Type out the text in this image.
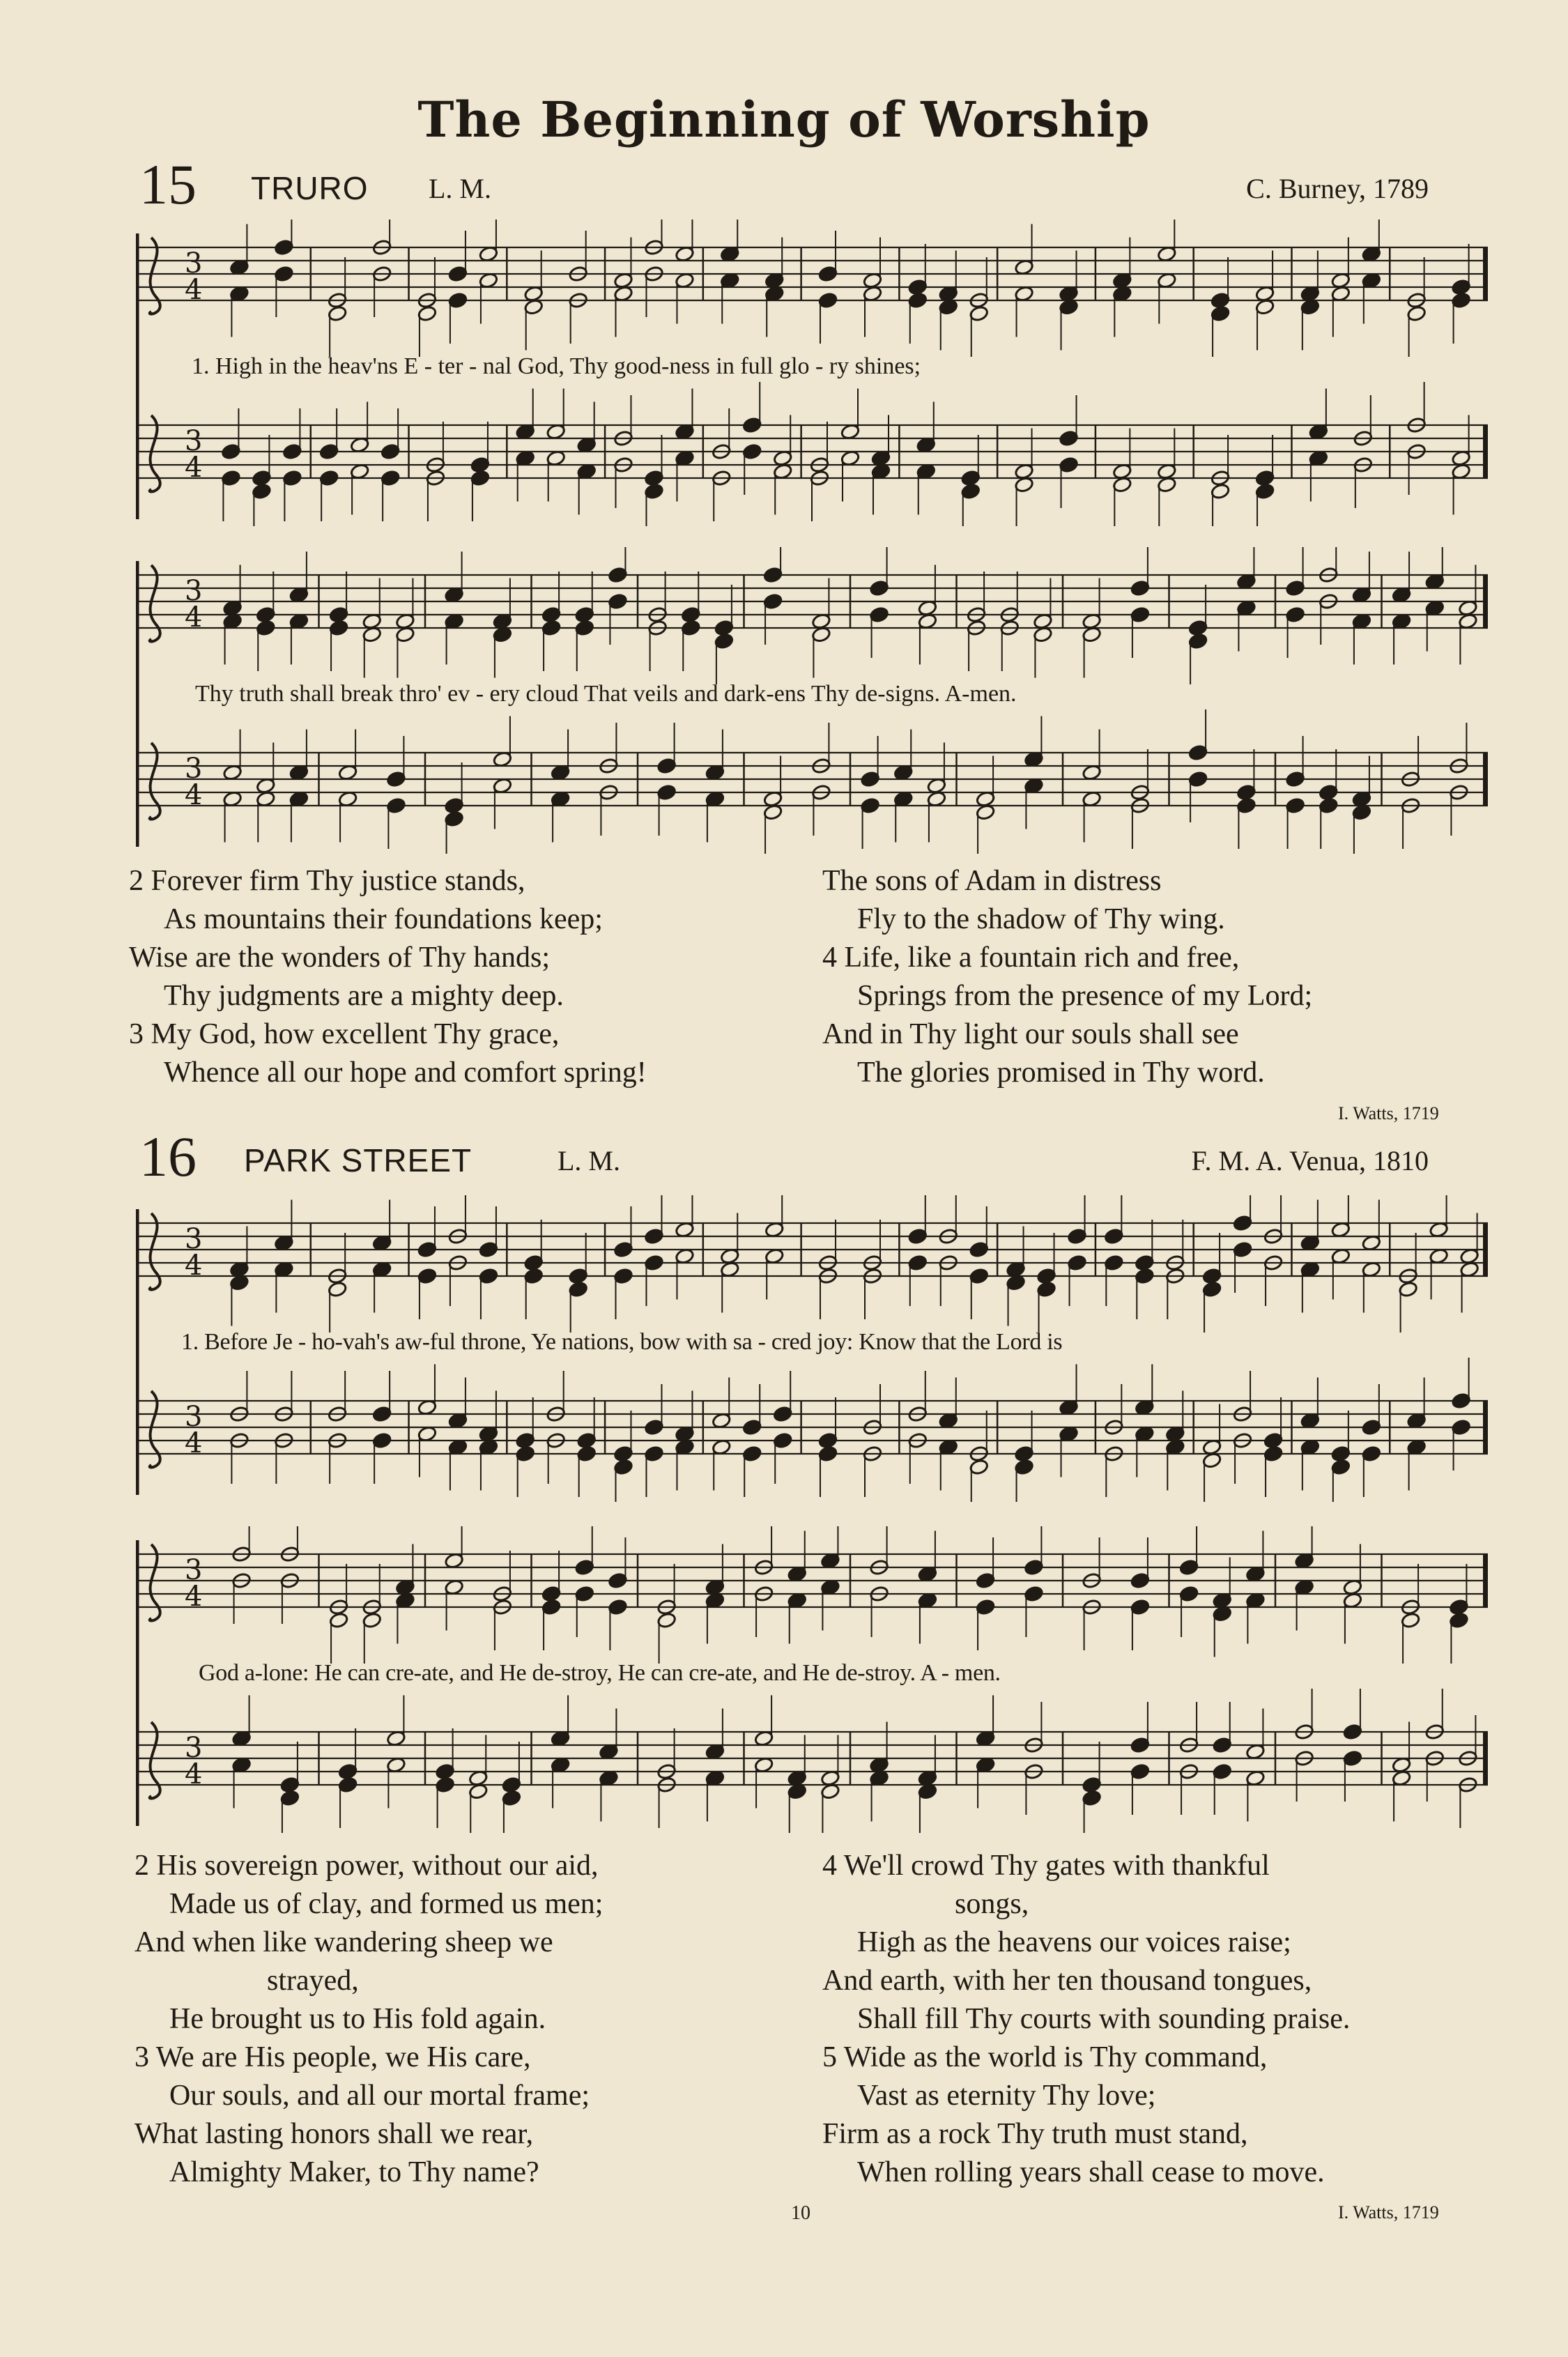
The Beginning of Worship
15 TRURO L. M.	C. Burney, 1789
3
4
3
4
1. High in the heav'ns E - ter - nal God, Thy good-ness in full glo - ry shines;
3
4
3
4
Thy truth shall break thro' ev - ery cloud That veils and dark-ens Thy de-signs. A-men.
2 Forever firm Thy justice stands,
As mountains their foundations keep;
Wise are the wonders of Thy hands;
Thy judgments are a mighty deep.
3 My God, how excellent Thy grace,
Whence all our hope and comfort spring!
The sons of Adam in distress
Fly to the shadow of Thy wing.
4 Life, like a fountain rich and free,
Springs from the presence of my Lord;
And in Thy light our souls shall see
The glories promised in Thy word.
I. Watts, 1719
16 PARK STREET	L. M.	F. M. A. Venua, 1810
3
4
3
4
1. Before Je - ho-vah's aw-ful throne, Ye nations, bow with sa - cred joy: Know that the Lord is
3
4
3
4
God a-lone: He can cre-ate, and He de-stroy, He can cre-ate, and He de-stroy. A - men.
2 His sovereign power, without our aid,
Made us of clay, and formed us men;
And when like wandering sheep we
strayed,
He brought us to His fold again.
3 We are His people, we His care,
Our souls, and all our mortal frame;
What lasting honors shall we rear,
Almighty Maker, to Thy name?
4 We'll crowd Thy gates with thankful
songs,
High as the heavens our voices raise;
And earth, with her ten thousand tongues,
Shall fill Thy courts with sounding praise.
5 Wide as the world is Thy command,
Vast as eternity Thy love;
Firm as a rock Thy truth must stand,
When rolling years shall cease to move.
I. Watts, 1719
10
